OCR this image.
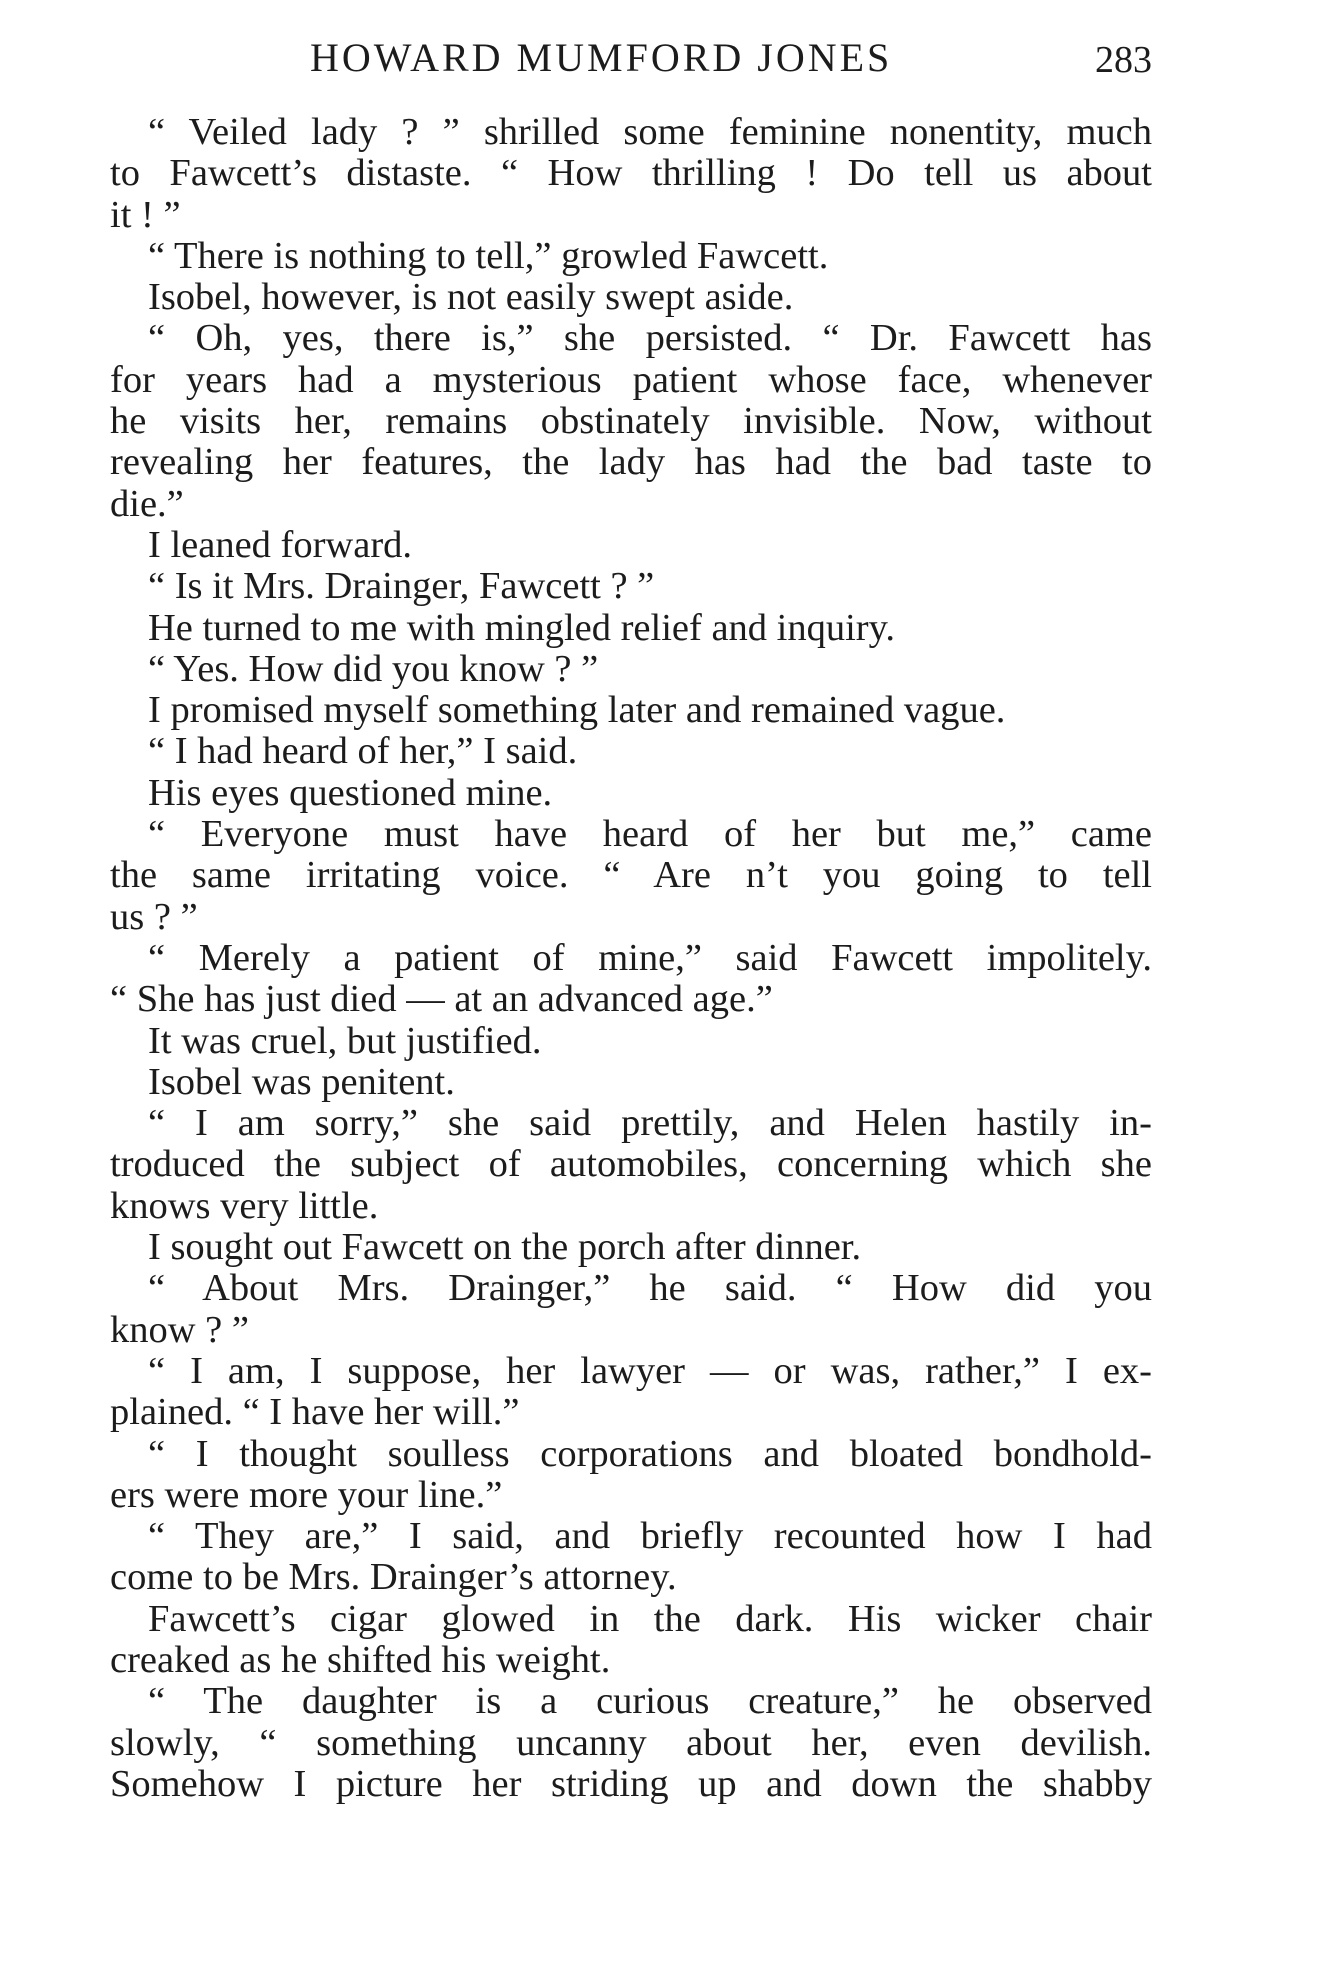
HOWARD MUMFORD JONES	283
“ Veiled lady ? ” shrilled some feminine nonentity, much
to Fawcett’s distaste. “ How thrilling ! Do tell us about
it ! ”
“ There is nothing to tell,” growled Fawcett.
Isobel, however, is not easily swept aside.
“ Oh, yes, there is,” she persisted. “ Dr. Fawcett has
for years had a mysterious patient whose face, whenever
he visits her, remains obstinately invisible. Now, without
revealing her features, the lady has had the bad taste to
die.”
I leaned forward.
“ Is it Mrs. Drainger, Fawcett ? ”
He turned to me with mingled relief and inquiry.
“ Yes. How did you know ? ”
I promised myself something later and remained vague.
“ I had heard of her,” I said.
His eyes questioned mine.
“ Everyone must have heard of her but me,” came
the same irritating voice. “ Are n’t you going to tell
us ? ”
“ Merely a patient of mine,” said Fawcett impolitely.
“ She has just died — at an advanced age.”
It was cruel, but justified.
Isobel was penitent.
“ I am sorry,” she said prettily, and Helen hastily in-
troduced the subject of automobiles, concerning which she
knows very little.
I sought out Fawcett on the porch after dinner.
“ About Mrs. Drainger,” he said. “ How did you
know ? ”
“ I am, I suppose, her lawyer — or was, rather,” I ex-
plained. “ I have her will.”
“ I thought soulless corporations and bloated bondhold-
ers were more your line.”
“ They are,” I said, and briefly recounted how I had
come to be Mrs. Drainger’s attorney.
Fawcett’s cigar glowed in the dark. His wicker chair
creaked as he shifted his weight.
“ The daughter is a curious creature,” he observed
slowly, “ something uncanny about her, even devilish.
Somehow I picture her striding up and down the shabby
